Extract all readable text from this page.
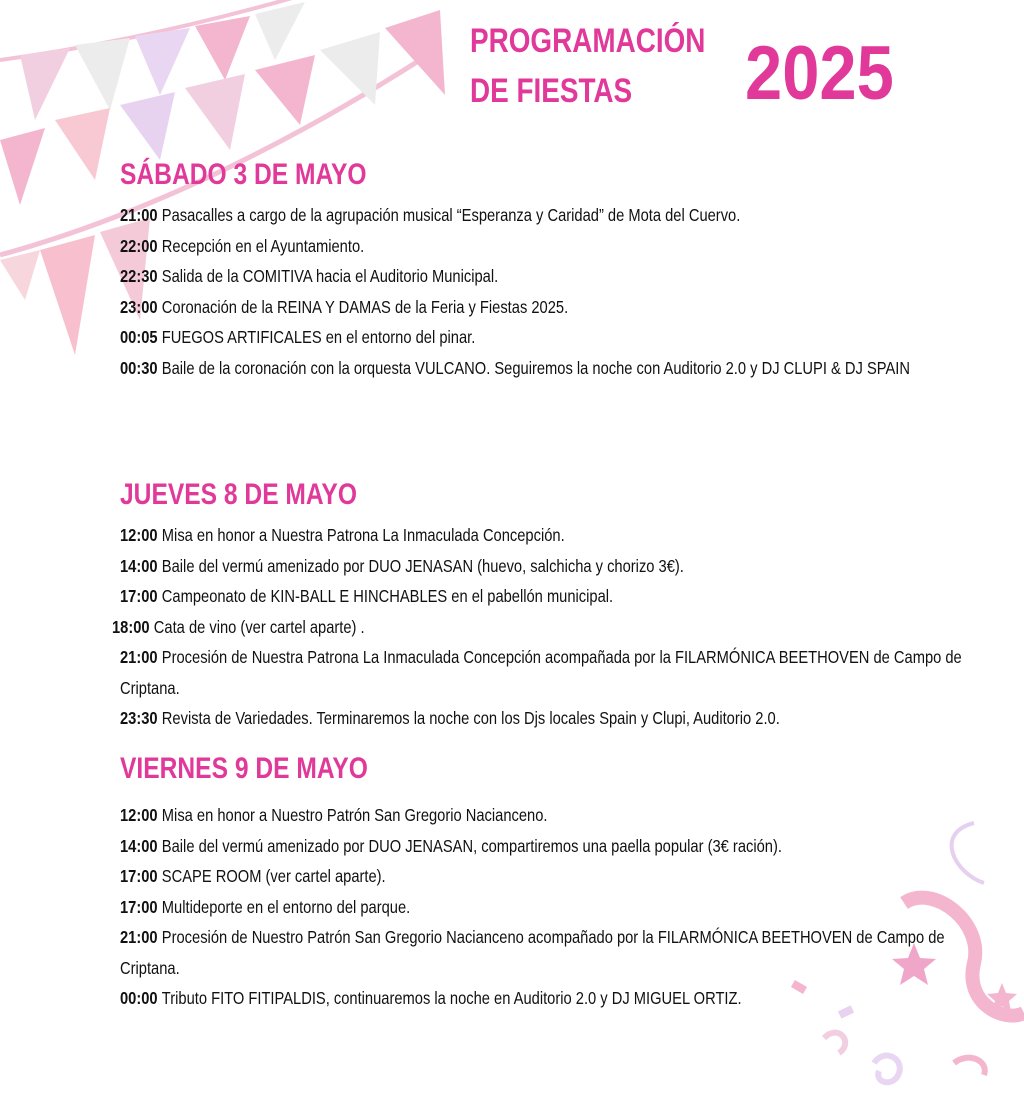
PROGRAMACIÓN
DE FIESTAS 2025
SÁBADO 3 DE MAYO
21:00 Pasacalles a cargo de la agrupación musical “Esperanza y Caridad” de Mota del Cuervo.
22:00 Recepción en el Ayuntamiento.
22:30 Salida de la COMITIVA hacia el Auditorio Municipal.
23:00 Coronación de la REINA Y DAMAS de la Feria y Fiestas 2025.
00:05 FUEGOS ARTIFICALES en el entorno del pinar.
00:30 Baile de la coronación con la orquesta VULCANO. Seguiremos la noche con Auditorio 2.0 y DJ CLUPI & DJ SPAIN
JUEVES 8 DE MAYO
12:00 Misa en honor a Nuestra Patrona La Inmaculada Concepción.
14:00 Baile del vermú amenizado por DUO JENASAN (huevo, salchicha y chorizo 3€).
17:00 Campeonato de KIN-BALL E HINCHABLES en el pabellón municipal.
18:00 Cata de vino (ver cartel aparte) .
21:00 Procesión de Nuestra Patrona La Inmaculada Concepción acompañada por la FILARMÓNICA BEETHOVEN de Campo de Criptana.
23:30 Revista de Variedades. Terminaremos la noche con los Djs locales Spain y Clupi, Auditorio 2.0.
VIERNES 9 DE MAYO
12:00 Misa en honor a Nuestro Patrón San Gregorio Nacianceno.
14:00 Baile del vermú amenizado por DUO JENASAN, compartiremos una paella popular (3€ ración).
17:00 SCAPE ROOM (ver cartel aparte).
17:00 Multideporte en el entorno del parque.
21:00 Procesión de Nuestro Patrón San Gregorio Nacianceno acompañado por la FILARMÓNICA BEETHOVEN de Campo de Criptana.
00:00 Tributo FITO FITIPALDIS, continuaremos la noche en Auditorio 2.0 y DJ MIGUEL ORTIZ.
